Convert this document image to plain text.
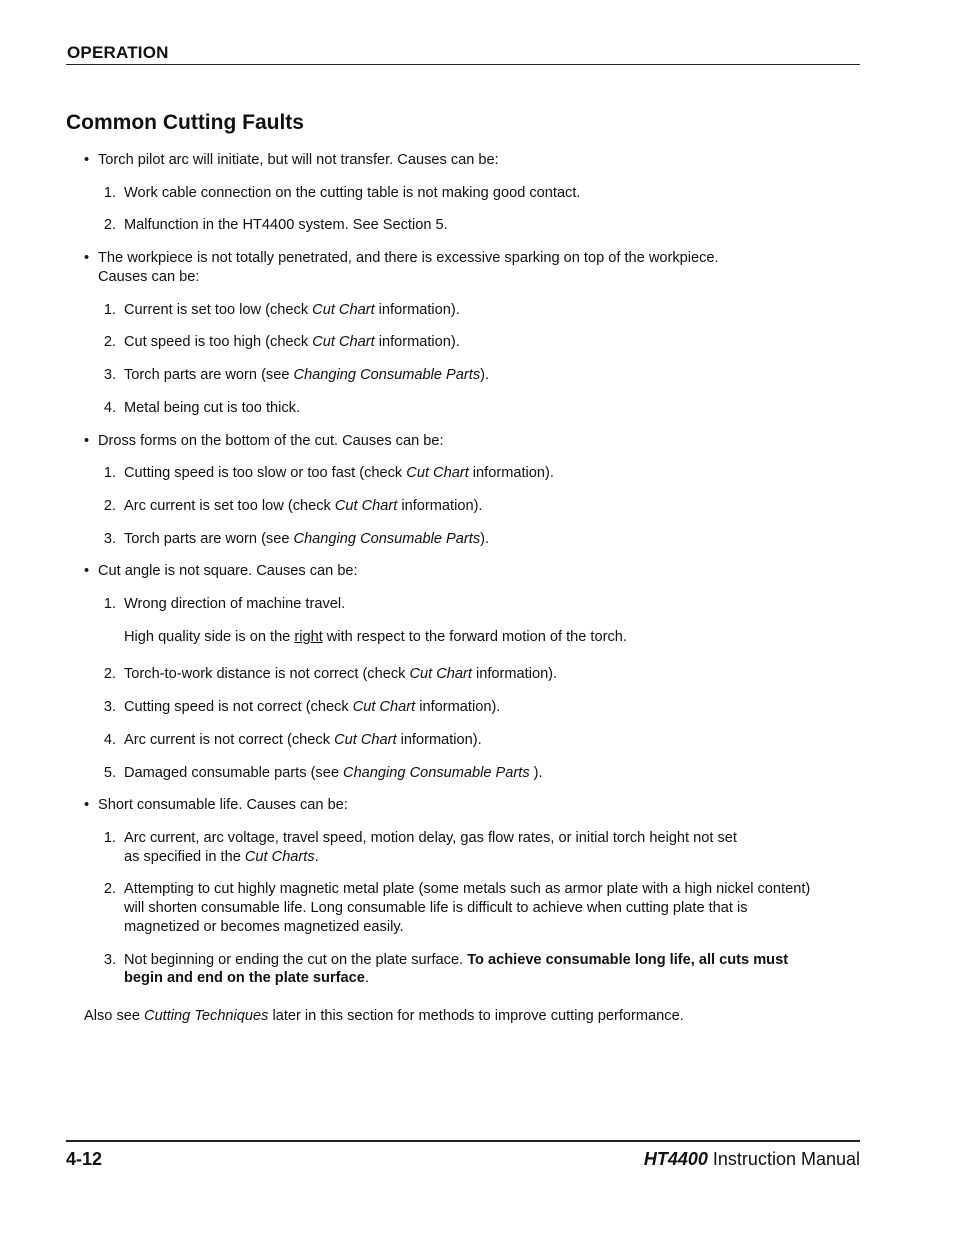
OPERATION
Common Cutting Faults
• Torch pilot arc will initiate, but will not transfer. Causes can be:
1. Work cable connection on the cutting table is not making good contact.
2. Malfunction in the HT4400 system. See Section 5.
• The workpiece is not totally penetrated, and there is excessive sparking on top of the workpiece.
Causes can be:
1. Current is set too low (check Cut Chart information).
2. Cut speed is too high (check Cut Chart information).
3. Torch parts are worn (see Changing Consumable Parts).
4. Metal being cut is too thick.
• Dross forms on the bottom of the cut. Causes can be:
1. Cutting speed is too slow or too fast (check Cut Chart information).
2. Arc current is set too low (check Cut Chart information).
3. Torch parts are worn (see Changing Consumable Parts).
• Cut angle is not square. Causes can be:
1. Wrong direction of machine travel.
High quality side is on the right with respect to the forward motion of the torch.
2. Torch-to-work distance is not correct (check Cut Chart information).
3. Cutting speed is not correct (check Cut Chart information).
4. Arc current is not correct (check Cut Chart information).
5. Damaged consumable parts (see Changing Consumable Parts ).
• Short consumable life. Causes can be:
1. Arc current, arc voltage, travel speed, motion delay, gas flow rates, or initial torch height not set
as specified in the Cut Charts.
2. Attempting to cut highly magnetic metal plate (some metals such as armor plate with a high nickel content)
will shorten consumable life. Long consumable life is difficult to achieve when cutting plate that is
magnetized or becomes magnetized easily.
3. Not beginning or ending the cut on the plate surface. To achieve consumable long life, all cuts must
begin and end on the plate surface.
Also see Cutting Techniques later in this section for methods to improve cutting performance.
4-12	HT4400 Instruction Manual
